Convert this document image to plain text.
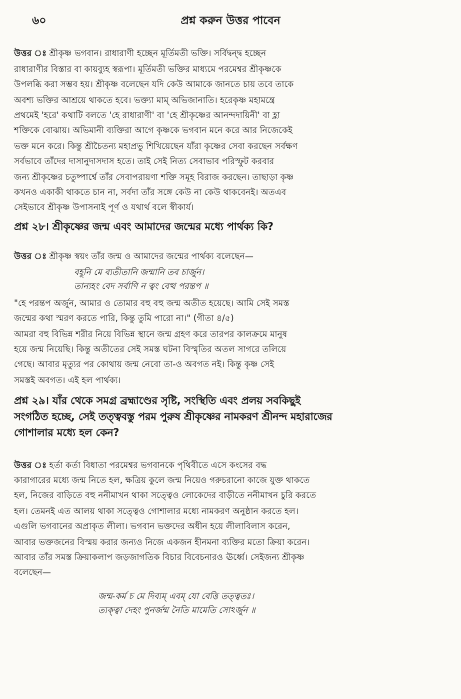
৬০	প্রশ্ন করুন উত্তর পাবেন

উত্তর ঃ শ্রীকৃষ্ণ ভগবান। রাধারাণী হচ্ছেন মূর্তিমতী ভক্তি। সর্বিদ্বন্দ্ব হচ্ছেন
রাধারাণীর বিস্তার বা কায়ব্যুহ স্বরূপা। মূর্তিমতী ভক্তির মাধ্যমে পরমেশ্বর শ্রীকৃষ্ণকে
উপলব্ধি করা সম্ভব হয়। শ্রীকৃষ্ণ বলেছেন যদি কেউ আমাকে জানতে চায় তবে তাকে
অবশ্য ভক্তির আশ্রয়ে থাকতে হবে। ভক্ত্যা মাম্ অভিজানাতি। হরেকৃষ্ণ মহামন্ত্রে
প্রথমেই 'হরে' কথাটি বলতে 'হে রাধারাণী' বা 'হে শ্রীকৃষ্ণের আনন্দদায়িনী' বা হ্লা
শক্তিকে বোঝায়। অভিমানী ব্যক্তিরা আগে কৃষ্ণকে ভগবান মনে করে আর নিজেকেই
ভক্ত মনে করে। কিন্তু শ্রীচৈতন্য মহাপ্রভু শিখিয়েছেন যাঁরা কৃষ্ণের সেবা করছেন সর্বক্ষণ
সর্বভাবে তাঁদের দাসানুদাসদাস হতে। তাই সেই নিত্য সেবাভাব পরিস্ফুট করবার
জন্য শ্রীকৃষ্ণের চতুষ্পার্শ্বে তাঁর সেবাপরায়ণা শক্তি সমূহ বিরাজ করছেন। তাছাড়া কৃষ্ণ
কখনও একাকী থাকতে চান না, সর্বদা তাঁর সঙ্গে কেউ না কেউ থাকবেনই। অতএব
সেইভাবে শ্রীকৃষ্ণ উপাসনাই পূর্ণ ও যথার্থ বলে স্বীকার্য।

প্রশ্ন ২৮। শ্রীকৃষ্ণের জন্ম এবং আমাদের জন্মের মধ্যে পার্থক্য কি?

উত্তর ঃ শ্রীকৃষ্ণ স্বয়ং তাঁর জন্ম ও আমাদের জন্মের পার্থক্য বলেছেন—

বহূনি মে ব্যতীতানি জন্মানি তব চার্জুন।
তান্যহং বেদ সর্বাণি ন ত্বং বেত্থ পরন্তপ ॥

"হে পরন্তপ অর্জুন, আমার ও তোমার বহু বহু জন্ম অতীত হয়েছে। আমি সেই সমস্ত
জন্মের কথা স্মরণ করতে পারি, কিন্তু তুমি পারো না।" (গীতা ৪/৫)

আমরা বহু বিভিন্ন শরীর নিয়ে বিভিন্ন স্থানে জন্ম গ্রহণ করে তারপর কালক্রমে মানুষ
হয়ে জন্ম নিয়েছি। কিন্তু অতীতের সেই সমস্ত ঘটনা বিস্মৃতির অতল সাগরে তলিয়ে
গেছে। আবার মৃত্যুর পর কোথায় জন্ম নেবো তা-ও অবগত নই। কিন্তু কৃষ্ণ সেই
সমস্তই অবগত। এই হল পার্থক্য।

প্রশ্ন ২৯। যাঁর থেকে সমগ্র ব্রহ্মাণ্ডের সৃষ্টি, সংস্থিতি এবং প্রলয় সবকিছুই
সংগঠিত হচ্ছে, সেই তত্ত্ববস্তু পরম পুরুষ শ্রীকৃষ্ণের নামকরণ শ্রীনন্দ মহারাজের
গোশালার মধ্যে হল কেন?

উত্তর ঃ হর্তা কর্তা বিধাতা পরমেশ্বর ভগবানকে পৃথিবীতে এসে কংসের বদ্ধ
কারাগারের মধ্যে জন্ম নিতে হল, ক্ষত্রিয় কুলে জন্ম নিয়েও গরুচরানো কাজে যুক্ত থাকতে
হল, নিজের বাড়িতে বহু ননীমাখন থাকা সত্ত্বেও লোকেদের বাড়ীতে ননীমাখন চুরি করতে
হল। তেমনই এত আলয় থাকা সত্ত্বেও গোশালার মধ্যে নামকরণ অনুষ্ঠান করতে হল।
এগুলি ভগবানের অপ্রাকৃত লীলা। ভগবান ভক্তদের অধীন হয়ে লীলাবিলাস করেন,
আবার ভক্তজনের বিস্ময় করার জন্যও নিজে একজন হীনমনা ব্যক্তির মতো ক্রিয়া করেন।
আবার তাঁর সমস্ত ক্রিয়াকলাপ জড়জাগতিক বিচার বিবেচনারও ঊর্ধ্বে। সেইজন্য শ্রীকৃষ্ণ
বলেছেন—

জন্ম-কর্ম চ মে দিব্যম্ এবম্ যো বেত্তি তত্ত্বতঃ।
ত্যক্ত্বা দেহং পুনর্জন্ম নৈতি মামেতি সোঽর্জুন ॥
